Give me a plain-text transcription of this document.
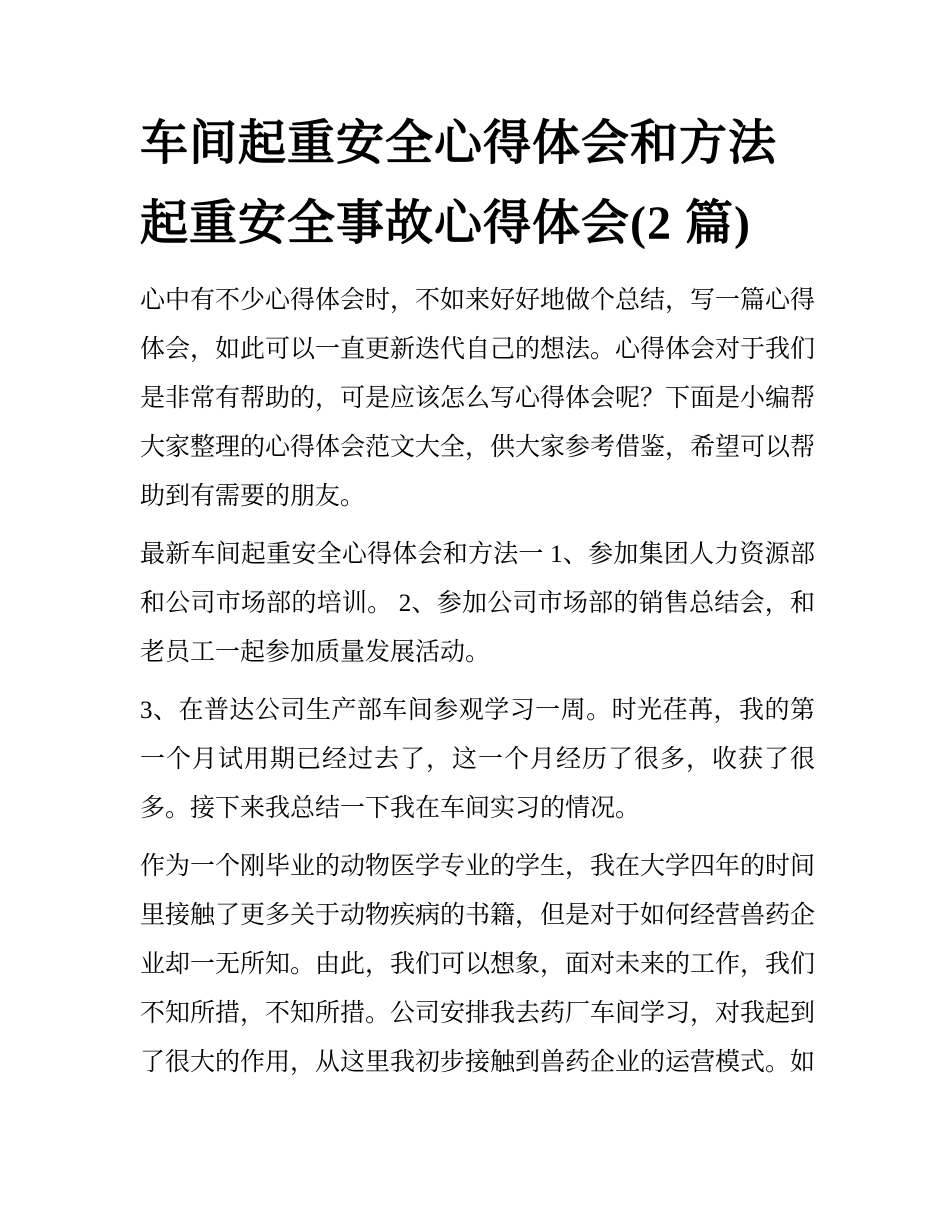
车间起重安全心得体会和方法
起重安全事故心得体会(2 篇)

心中有不少心得体会时，不如来好好地做个总结，写一篇心得体会，如此可以一直更新迭代自己的想法。心得体会对于我们是非常有帮助的，可是应该怎么写心得体会呢？下面是小编帮大家整理的心得体会范文大全，供大家参考借鉴，希望可以帮助到有需要的朋友。

最新车间起重安全心得体会和方法一 1、参加集团人力资源部和公司市场部的培训。 2、参加公司市场部的销售总结会，和老员工一起参加质量发展活动。

3、在普达公司生产部车间参观学习一周。时光荏苒，我的第一个月试用期已经过去了，这一个月经历了很多，收获了很多。接下来我总结一下我在车间实习的情况。

作为一个刚毕业的动物医学专业的学生，我在大学四年的时间里接触了更多关于动物疾病的书籍，但是对于如何经营兽药企业却一无所知。由此，我们可以想象，面对未来的工作，我们不知所措，不知所措。公司安排我去药厂车间学习，对我起到了很大的作用，从这里我初步接触到兽药企业的运营模式。如
